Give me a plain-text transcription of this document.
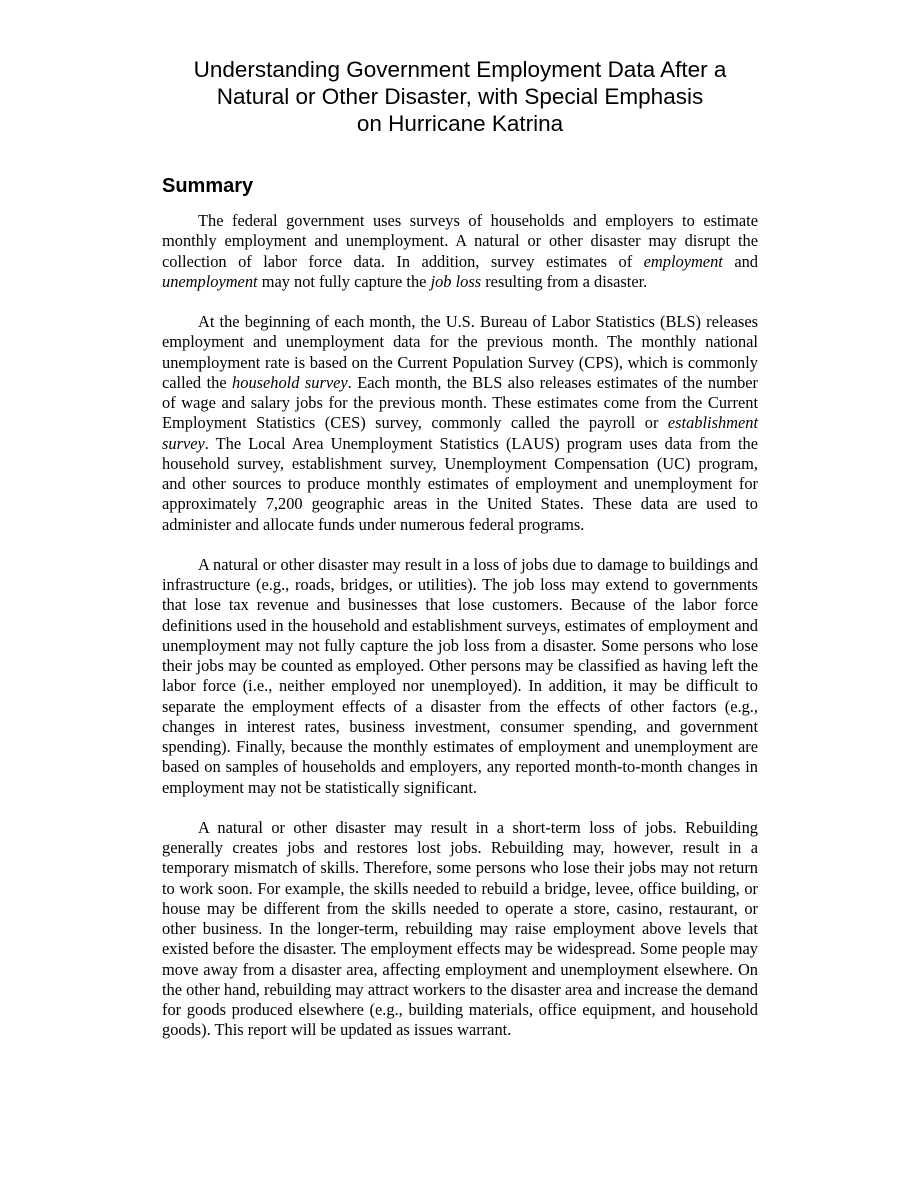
Understanding Government Employment Data After a
Natural or Other Disaster, with Special Emphasis
on Hurricane Katrina
Summary

The federal government uses surveys of households and employers to estimate monthly employment and unemployment. A natural or other disaster may disrupt the collection of labor force data. In addition, survey estimates of employment and unemployment may not fully capture the job loss resulting from a disaster.

At the beginning of each month, the U.S. Bureau of Labor Statistics (BLS) releases employment and unemployment data for the previous month. The monthly national unemployment rate is based on the Current Population Survey (CPS), which is commonly called the household survey. Each month, the BLS also releases estimates of the number of wage and salary jobs for the previous month. These estimates come from the Current Employment Statistics (CES) survey, commonly called the payroll or establishment survey. The Local Area Unemployment Statistics (LAUS) program uses data from the household survey, establishment survey, Unemployment Compensation (UC) program, and other sources to produce monthly estimates of employment and unemployment for approximately 7,200 geographic areas in the United States. These data are used to administer and allocate funds under numerous federal programs.

A natural or other disaster may result in a loss of jobs due to damage to buildings and infrastructure (e.g., roads, bridges, or utilities). The job loss may extend to governments that lose tax revenue and businesses that lose customers. Because of the labor force definitions used in the household and establishment surveys, estimates of employment and unemployment may not fully capture the job loss from a disaster. Some persons who lose their jobs may be counted as employed. Other persons may be classified as having left the labor force (i.e., neither employed nor unemployed). In addition, it may be difficult to separate the employment effects of a disaster from the effects of other factors (e.g., changes in interest rates, business investment, consumer spending, and government spending). Finally, because the monthly estimates of employment and unemployment are based on samples of households and employers, any reported month-to-month changes in employment may not be statistically significant.

A natural or other disaster may result in a short-term loss of jobs. Rebuilding generally creates jobs and restores lost jobs. Rebuilding may, however, result in a temporary mismatch of skills. Therefore, some persons who lose their jobs may not return to work soon. For example, the skills needed to rebuild a bridge, levee, office building, or house may be different from the skills needed to operate a store, casino, restaurant, or other business. In the longer-term, rebuilding may raise employment above levels that existed before the disaster. The employment effects may be widespread. Some people may move away from a disaster area, affecting employment and unemployment elsewhere. On the other hand, rebuilding may attract workers to the disaster area and increase the demand for goods produced elsewhere (e.g., building materials, office equipment, and household goods). This report will be updated as issues warrant.
